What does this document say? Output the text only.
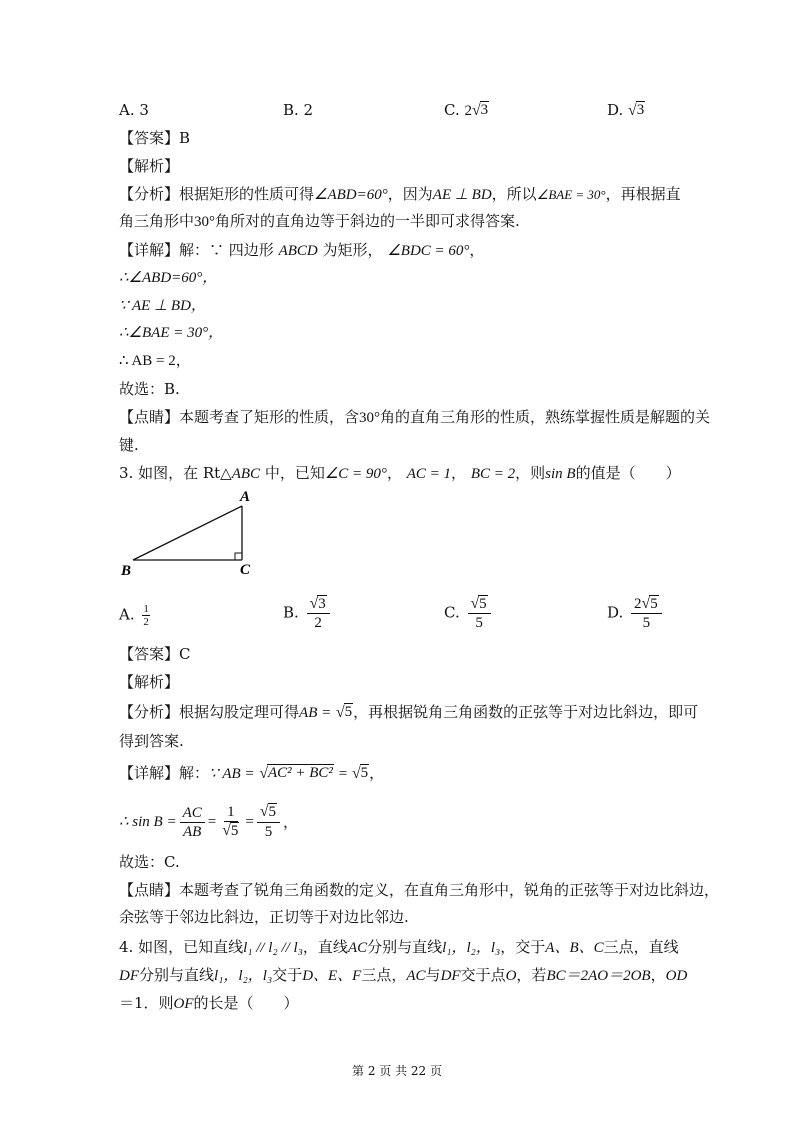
A. 3	B. 2	C. 2 √ 3	D. √ 3
【答案】B
【解析】
【分析】根据矩形的性质可得∠ABD=60°，因为AE ⊥ BD，所以∠BAE = 30°，再根据直
角三角形中30°角所对的直角边等于斜边的一半即可求得答案.
【详解】解：∵ 四边形 ABCD 为矩形， ∠BDC = 60°，
∴∠ABD=60°，
∵ AE ⊥ BD，
∴∠BAE = 30°，
∴ AB = 2，
故选：B.
【点睛】本题考查了矩形的性质，含30°角的直角三角形的性质，熟练掌握性质是解题的关
键.
3. 如图，在 Rt△ABC 中，已知∠C = 90°， AC = 1， BC = 2，则sin B的值是（　　）
A
B	C
A. $\frac{1}{2}$	B. $\frac{√ 3}{2}$	C. $\frac{√ 5}{5}$	D. $\frac{2 √ 5}{5}$
【答案】C
【解析】
【分析】根据勾股定理可得AB = √ 5 ，再根据锐角三角函数的正弦等于对边比斜边，即可
得到答案.
【详解】解：∵ AB = √ AC² + BC² = √ 5 ，
∴ $\sin B = \frac{AC}{AB} = \frac{1}{√ 5} = \frac{√ 5}{5}$ ，
故选：C.
【点睛】本题考查了锐角三角函数的定义，在直角三角形中，锐角的正弦等于对边比斜边，
余弦等于邻边比斜边，正切等于对边比邻边.
4. 如图，已知直线l₁ // l₂ // l₃，直线AC分别与直线l₁，l₂，l₃，交于A、B、C三点，直线
DF分别与直线l₁，l₂，l₃交于D、E、F三点，AC与DF交于点O，若BC＝2AO＝2OB，OD
＝1．则OF的长是（　　）
第 2 页 共 22 页
